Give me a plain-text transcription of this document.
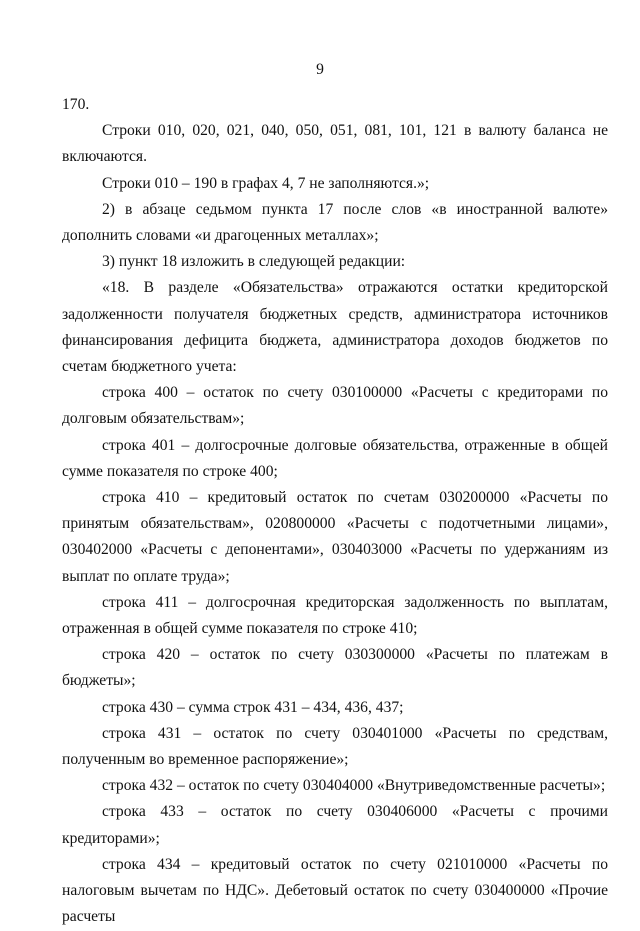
9

170.

Строки 010, 020, 021, 040, 050, 051, 081, 101, 121 в валюту баланса не включаются.

Строки 010 – 190 в графах 4, 7 не заполняются.»;

2) в абзаце седьмом пункта 17 после слов «в иностранной валюте» дополнить словами «и драгоценных металлах»;

3) пункт 18 изложить в следующей редакции:

«18. В разделе «Обязательства» отражаются остатки кредиторской задолженности получателя бюджетных средств, администратора источников финансирования дефицита бюджета, администратора доходов бюджетов по счетам бюджетного учета:

строка 400 – остаток по счету 030100000 «Расчеты с кредиторами по долговым обязательствам»;

строка 401 – долгосрочные долговые обязательства, отраженные в общей сумме показателя по строке 400;

строка 410 – кредитовый остаток по счетам 030200000 «Расчеты по принятым обязательствам», 020800000 «Расчеты с подотчетными лицами», 030402000 «Расчеты с депонентами», 030403000 «Расчеты по удержаниям из выплат по оплате труда»;

строка 411 – долгосрочная кредиторская задолженность по выплатам, отраженная в общей сумме показателя по строке 410;

строка 420 – остаток по счету 030300000 «Расчеты по платежам в бюджеты»;

строка 430 – сумма строк 431 – 434, 436, 437;

строка 431 – остаток по счету 030401000 «Расчеты по средствам, полученным во временное распоряжение»;

строка 432 – остаток по счету 030404000 «Внутриведомственные расчеты»;

строка 433 – остаток по счету 030406000 «Расчеты с прочими кредиторами»;

строка 434 – кредитовый остаток по счету 021010000 «Расчеты по налоговым вычетам по НДС». Дебетовый остаток по счету 030400000 «Прочие расчеты
